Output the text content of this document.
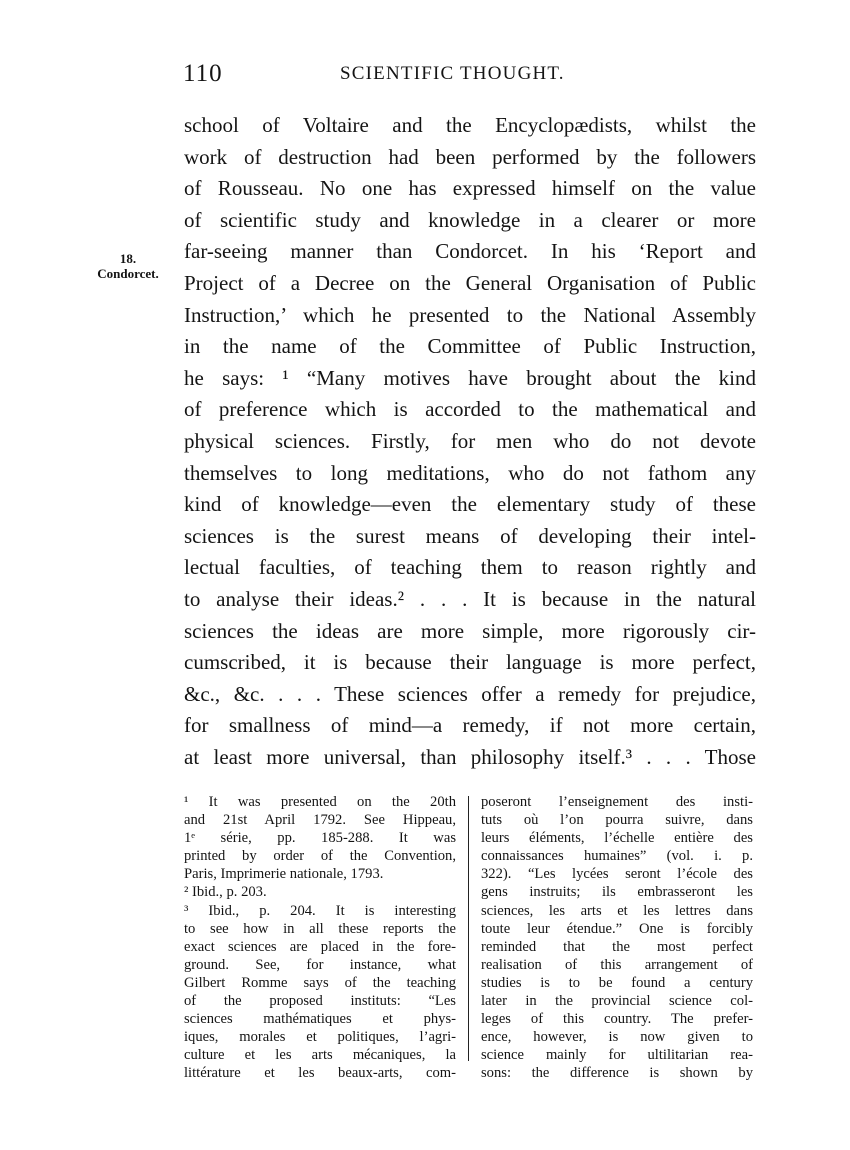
110	SCIENTIFIC THOUGHT.
18.
Condorcet.
school of Voltaire and the Encyclopædists, whilst the
work of destruction had been performed by the followers
of Rousseau. No one has expressed himself on the value
of scientific study and knowledge in a clearer or more
far-seeing manner than Condorcet. In his ‘Report and
Project of a Decree on the General Organisation of Public
Instruction,’ which he presented to the National Assembly
in the name of the Committee of Public Instruction,
he says: ¹ “Many motives have brought about the kind
of preference which is accorded to the mathematical and
physical sciences. Firstly, for men who do not devote
themselves to long meditations, who do not fathom any
kind of knowledge—even the elementary study of these
sciences is the surest means of developing their intel-
lectual faculties, of teaching them to reason rightly and
to analyse their ideas.² . . . It is because in the natural
sciences the ideas are more simple, more rigorously cir-
cumscribed, it is because their language is more perfect,
&c., &c. . . . These sciences offer a remedy for prejudice,
for smallness of mind—a remedy, if not more certain,
at least more universal, than philosophy itself.³ . . . Those
¹ It was presented on the 20th
and 21st April 1792. See Hippeau,
1ᵉ série, pp. 185-288. It was
printed by order of the Convention,
Paris, Imprimerie nationale, 1793.
² Ibid., p. 203.
³ Ibid., p. 204. It is interesting
to see how in all these reports the
exact sciences are placed in the fore-
ground. See, for instance, what
Gilbert Romme says of the teaching
of the proposed instituts: “Les
sciences mathématiques et phys-
iques, morales et politiques, l’agri-
culture et les arts mécaniques, la
littérature et les beaux-arts, com-
poseront l’enseignement des insti-
tuts où l’on pourra suivre, dans
leurs éléments, l’échelle entière des
connaissances humaines” (vol. i. p.
322). “Les lycées seront l’école des
gens instruits; ils embrasseront les
sciences, les arts et les lettres dans
toute leur étendue.” One is forcibly
reminded that the most perfect
realisation of this arrangement of
studies is to be found a century
later in the provincial science col-
leges of this country. The prefer-
ence, however, is now given to
science mainly for ultilitarian rea-
sons: the difference is shown by
